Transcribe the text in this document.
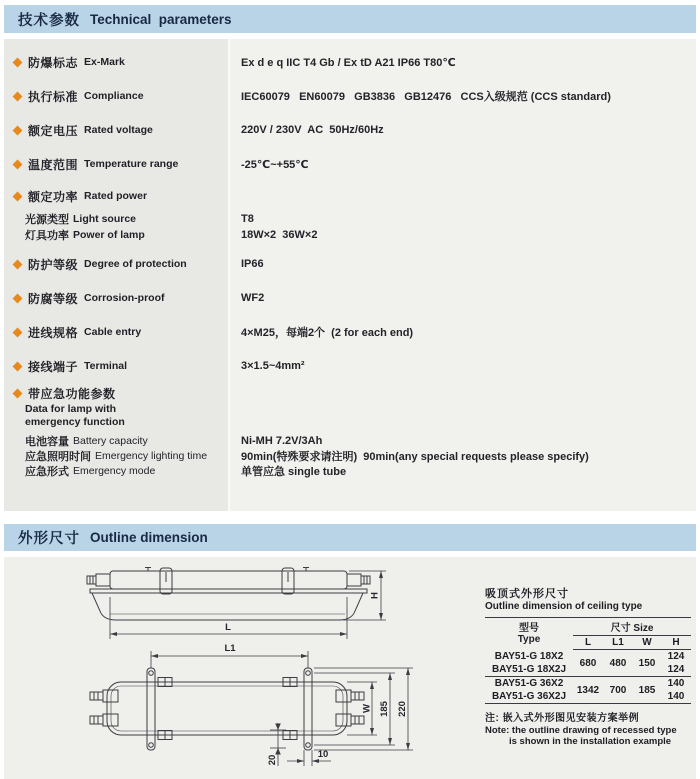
技术参数 Technical  parameters
防爆标志 Ex-Mark	Ex d e q IIC T4 Gb / Ex tD A21 IP66 T80℃
执行标准 Compliance	IEC60079   EN60079   GB3836   GB12476   CCS入级规范 (CCS standard)
额定电压 Rated voltage	220V / 230V  AC  50Hz/60Hz
温度范围 Temperature range	-25℃~+55℃
额定功率 Rated power
光源类型 Light source	T8
灯具功率 Power of lamp	18W×2  36W×2
防护等级 Degree of protection	IP66
防腐等级 Corrosion-proof	WF2
进线规格 Cable entry	4×M25，每端2个  (2 for each end)
接线端子 Terminal	3×1.5~4mm²
带应急功能参数
Data for lamp with
emergency function
电池容量 Battery capacity	Ni-MH 7.2V/3Ah
应急照明时间 Emergency lighting time	90min(特殊要求请注明)  90min(any special requests please specify)
应急形式 Emergency mode	单管应急 single tube
外形尺寸 Outline dimension
L
H
L1
W 185 220
20	10
吸顶式外形尺寸
Outline dimension of ceiling type
型号
Type	尺寸 Size			
	L	L1	W	H
BAY51-G 18X2	680	480	150	124
BAY51-G 18X2J				124
BAY51-G 36X2	1342	700	185	140
BAY51-G 36X2J				140
注: 嵌入式外形图见安装方案举例
Note: the outline drawing of recessed type
is shown in the installation example
